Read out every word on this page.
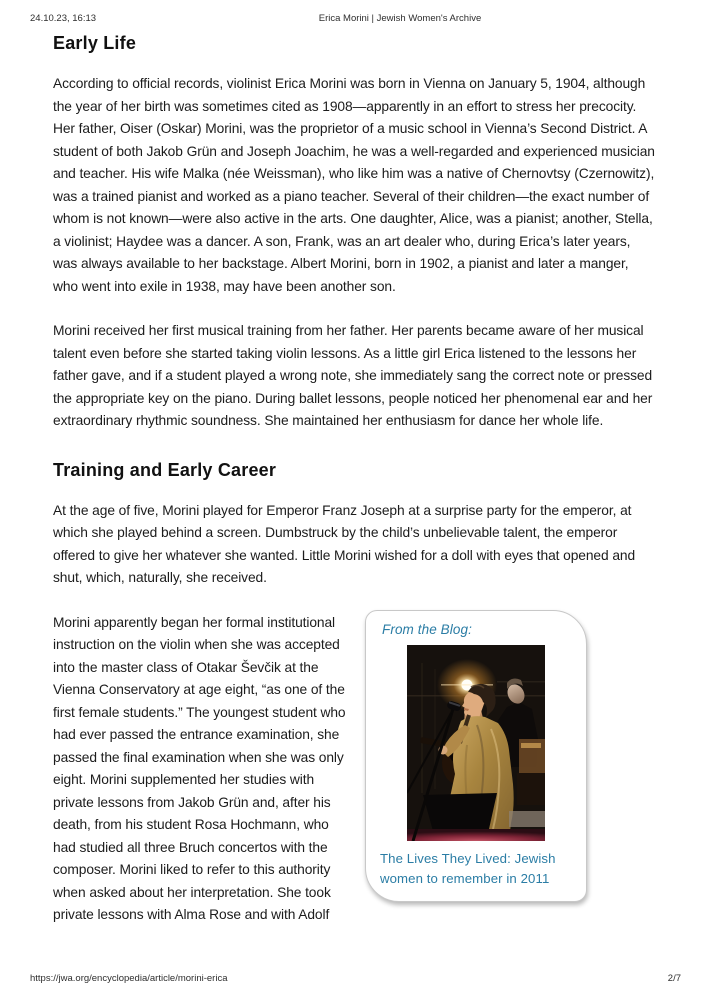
24.10.23, 16:13	Erica Morini | Jewish Women's Archive
Early Life

According to official records, violinist Erica Morini was born in Vienna on January 5, 1904, although the year of her birth was sometimes cited as 1908—apparently in an effort to stress her precocity. Her father, Oiser (Oskar) Morini, was the proprietor of a music school in Vienna’s Second District. A student of both Jakob Grün and Joseph Joachim, he was a well-regarded and experienced musician and teacher. His wife Malka (née Weissman), who like him was a native of Chernovtsy (Czernowitz), was a trained pianist and worked as a piano teacher. Several of their children—the exact number of whom is not known—were also active in the arts. One daughter, Alice, was a pianist; another, Stella, a violinist; Haydee was a dancer. A son, Frank, was an art dealer who, during Erica’s later years, was always available to her backstage. Albert Morini, born in 1902, a pianist and later a manger, who went into exile in 1938, may have been another son.

Morini received her first musical training from her father. Her parents became aware of her musical talent even before she started taking violin lessons. As a little girl Erica listened to the lessons her father gave, and if a student played a wrong note, she immediately sang the correct note or pressed the appropriate key on the piano. During ballet lessons, people noticed her phenomenal ear and her extraordinary rhythmic soundness. She maintained her enthusiasm for dance her whole life.

Training and Early Career

At the age of five, Morini played for Emperor Franz Joseph at a surprise party for the emperor, at which she played behind a screen. Dumbstruck by the child’s unbelievable talent, the emperor offered to give her whatever she wanted. Little Morini wished for a doll with eyes that opened and shut, which, naturally, she received.

From the Blog:
The Lives They Lived: Jewish women to remember in 2011

Morini apparently began her formal institutional instruction on the violin when she was accepted into the master class of Otakar Ševčik at the Vienna Conservatory at age eight, “as one of the first female students.” The youngest student who had ever passed the entrance examination, she passed the final examination when she was only eight. Morini supplemented her studies with private lessons from Jakob Grün and, after his death, from his student Rosa Hochmann, who had studied all three Bruch concertos with the composer. Morini liked to refer to this authority when asked about her interpretation. She took private lessons with Alma Rose and with Adolf

https://jwa.org/encyclopedia/article/morini-erica	2/7
